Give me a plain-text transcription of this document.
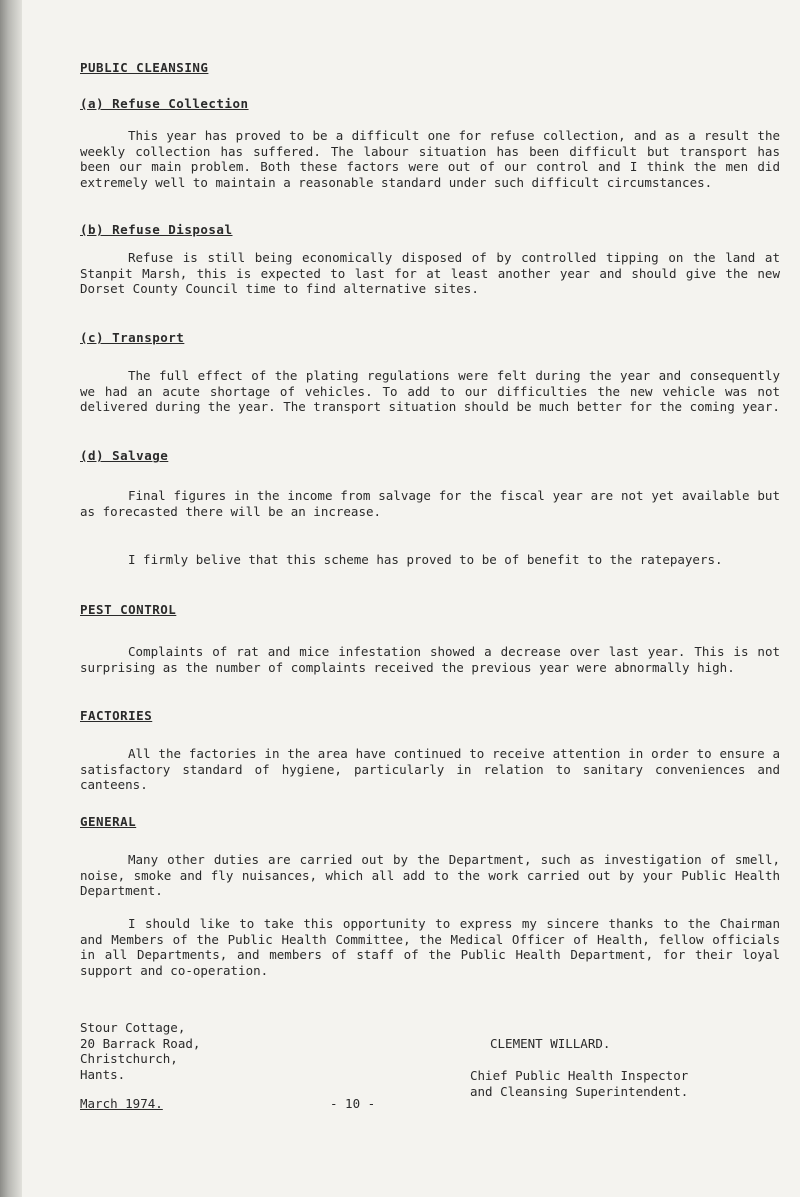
PUBLIC CLEANSING
(a) Refuse Collection

This year has proved to be a difficult one for refuse collection, and as a result the weekly collection has suffered. The labour situation has been difficult but transport has been our main problem. Both these factors were out of our control and I think the men did extremely well to maintain a reasonable standard under such difficult circumstances.

(b) Refuse Disposal

Refuse is still being economically disposed of by controlled tipping on the land at Stanpit Marsh, this is expected to last for at least another year and should give the new Dorset County Council time to find alternative sites.

(c) Transport

The full effect of the plating regulations were felt during the year and consequently we had an acute shortage of vehicles. To add to our difficulties the new vehicle was not delivered during the year. The transport situation should be much better for the coming year.

(d) Salvage

Final figures in the income from salvage for the fiscal year are not yet available but as forecasted there will be an increase.

I firmly belive that this scheme has proved to be of benefit to the ratepayers.

PEST CONTROL

Complaints of rat and mice infestation showed a decrease over last year. This is not surprising as the number of complaints received the previous year were abnormally high.

FACTORIES

All the factories in the area have continued to receive attention in order to ensure a satisfactory standard of hygiene, particularly in relation to sanitary conveniences and canteens.

GENERAL

Many other duties are carried out by the Department, such as investigation of smell, noise, smoke and fly nuisances, which all add to the work carried out by your Public Health Department.

I should like to take this opportunity to express my sincere thanks to the Chairman and Members of the Public Health Committee, the Medical Officer of Health, fellow officials in all Departments, and members of staff of the Public Health Department, for their loyal support and co-operation.

Stour Cottage,
20 Barrack Road,
Christchurch,
Hants.

CLEMENT WILLARD.

Chief Public Health Inspector
and Cleansing Superintendent.

March 1974.	- 10 -
